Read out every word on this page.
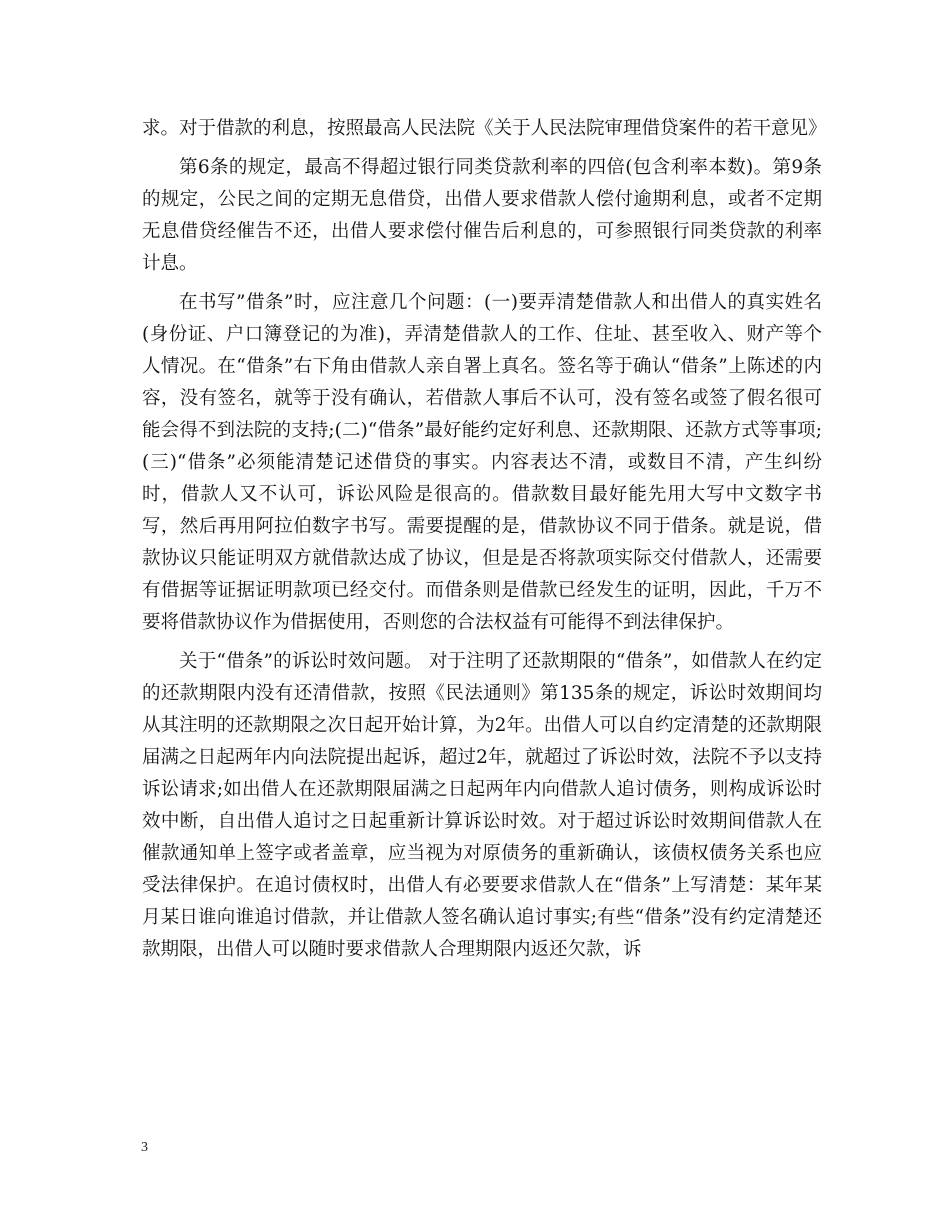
求。对于借款的利息，按照最高人民法院《关于人民法院审理借贷案件的若干意见》

第6条的规定，最高不得超过银行同类贷款利率的四倍(包含利率本数)。第9条的规定，公民之间的定期无息借贷，出借人要求借款人偿付逾期利息，或者不定期无息借贷经催告不还，出借人要求偿付催告后利息的，可参照银行同类贷款的利率计息。

在书写”借条”时，应注意几个问题：(一)要弄清楚借款人和出借人的真实姓名(身份证、户口簿登记的为准)，弄清楚借款人的工作、住址、甚至收入、财产等个人情况。在“借条”右下角由借款人亲自署上真名。签名等于确认“借条”上陈述的内容，没有签名，就等于没有确认，若借款人事后不认可，没有签名或签了假名很可能会得不到法院的支持;(二)“借条”最好能约定好利息、还款期限、还款方式等事项;(三)“借条”必须能清楚记述借贷的事实。内容表达不清，或数目不清，产生纠纷时，借款人又不认可，诉讼风险是很高的。借款数目最好能先用大写中文数字书写，然后再用阿拉伯数字书写。需要提醒的是，借款协议不同于借条。就是说，借款协议只能证明双方就借款达成了协议，但是是否将款项实际交付借款人，还需要有借据等证据证明款项已经交付。而借条则是借款已经发生的证明，因此，千万不要将借款协议作为借据使用，否则您的合法权益有可能得不到法律保护。

关于“借条”的诉讼时效问题。 对于注明了还款期限的“借条”，如借款人在约定的还款期限内没有还清借款，按照《民法通则》第135条的规定，诉讼时效期间均从其注明的还款期限之次日起开始计算，为2年。出借人可以自约定清楚的还款期限届满之日起两年内向法院提出起诉，超过2年，就超过了诉讼时效，法院不予以支持诉讼请求;如出借人在还款期限届满之日起两年内向借款人追讨债务，则构成诉讼时效中断，自出借人追讨之日起重新计算诉讼时效。对于超过诉讼时效期间借款人在催款通知单上签字或者盖章，应当视为对原债务的重新确认，该债权债务关系也应受法律保护。在追讨债权时，出借人有必要要求借款人在“借条”上写清楚：某年某月某日谁向谁追讨借款，并让借款人签名确认追讨事实;有些“借条”没有约定清楚还款期限，出借人可以随时要求借款人合理期限内返还欠款，诉

3
